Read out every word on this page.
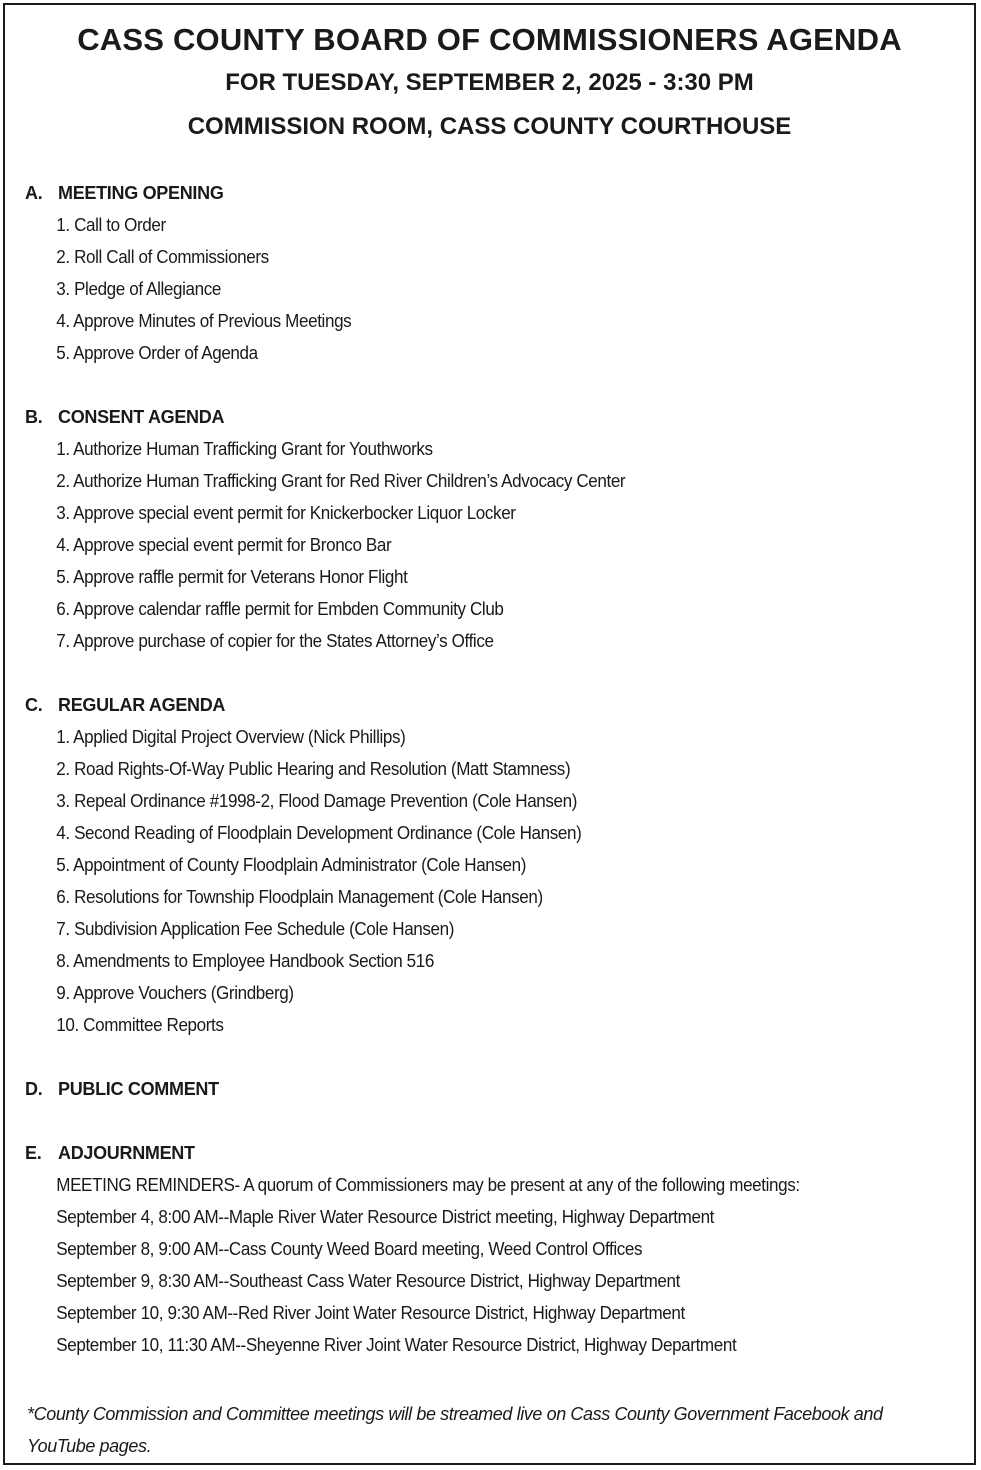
CASS COUNTY BOARD OF COMMISSIONERS AGENDA
FOR TUESDAY, SEPTEMBER 2, 2025 - 3:30 PM
COMMISSION ROOM, CASS COUNTY COURTHOUSE
A. MEETING OPENING
1. Call to Order
2. Roll Call of Commissioners
3. Pledge of Allegiance
4. Approve Minutes of Previous Meetings
5. Approve Order of Agenda
B. CONSENT AGENDA
1. Authorize Human Trafficking Grant for Youthworks
2. Authorize Human Trafficking Grant for Red River Children’s Advocacy Center
3. Approve special event permit for Knickerbocker Liquor Locker
4. Approve special event permit for Bronco Bar
5. Approve raffle permit for Veterans Honor Flight
6. Approve calendar raffle permit for Embden Community Club
7. Approve purchase of copier for the States Attorney’s Office
C. REGULAR AGENDA
1. Applied Digital Project Overview (Nick Phillips)
2. Road Rights-Of-Way Public Hearing and Resolution (Matt Stamness)
3. Repeal Ordinance #1998-2, Flood Damage Prevention (Cole Hansen)
4. Second Reading of Floodplain Development Ordinance (Cole Hansen)
5. Appointment of County Floodplain Administrator (Cole Hansen)
6. Resolutions for Township Floodplain Management (Cole Hansen)
7. Subdivision Application Fee Schedule (Cole Hansen)
8. Amendments to Employee Handbook Section 516
9. Approve Vouchers (Grindberg)
10. Committee Reports
D. PUBLIC COMMENT
E. ADJOURNMENT
MEETING REMINDERS- A quorum of Commissioners may be present at any of the following meetings:
September 4, 8:00 AM--Maple River Water Resource District meeting, Highway Department
September 8, 9:00 AM--Cass County Weed Board meeting, Weed Control Offices
September 9, 8:30 AM--Southeast Cass Water Resource District, Highway Department
September 10, 9:30 AM--Red River Joint Water Resource District, Highway Department
September 10, 11:30 AM--Sheyenne River Joint Water Resource District, Highway Department
*County Commission and Committee meetings will be streamed live on Cass County Government Facebook and YouTube pages.
